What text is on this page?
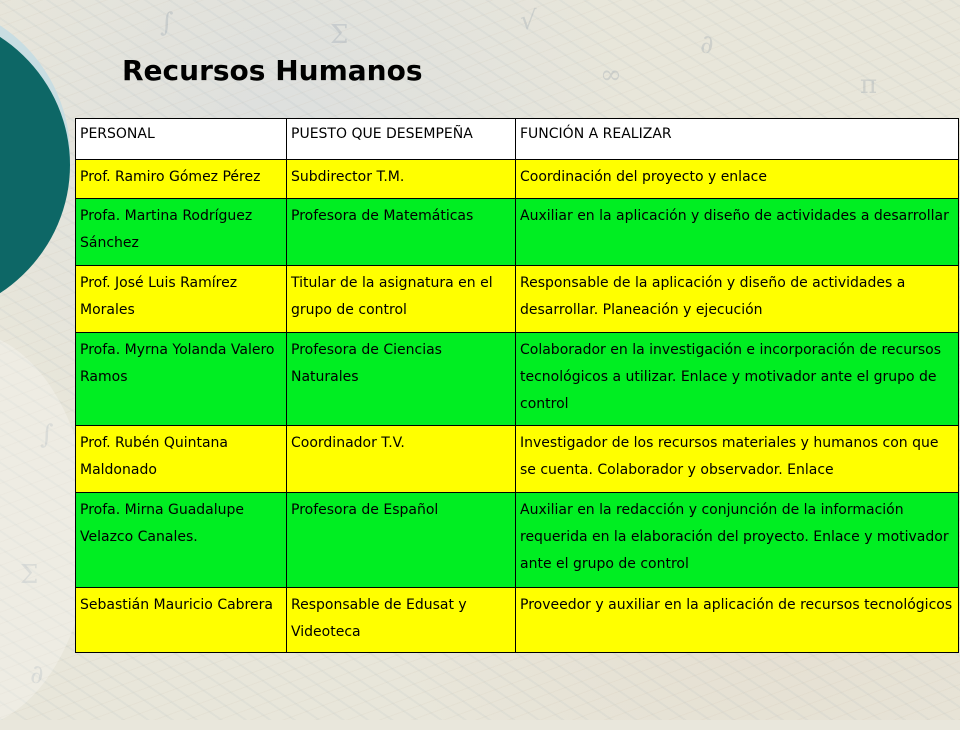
Recursos Humanos
PERSONAL	PUESTO QUE DESEMPEÑA	FUNCIÓN A REALIZAR
Prof. Ramiro Gómez Pérez	Subdirector T.M.	Coordinación del proyecto y enlace
Profa. Martina Rodríguez Sánchez	Profesora de Matemáticas	Auxiliar en la aplicación y diseño de actividades a desarrollar
Prof. José Luis Ramírez Morales	Titular de la asignatura en el grupo de control	Responsable de la aplicación y diseño de actividades a desarrollar. Planeación y ejecución
Profa. Myrna Yolanda Valero Ramos	Profesora de Ciencias Naturales	Colaborador en la investigación e incorporación de recursos tecnológicos a utilizar. Enlace y motivador ante el grupo de control
Prof. Rubén Quintana Maldonado	Coordinador T.V.	Investigador de los recursos materiales y humanos con que se cuenta. Colaborador y observador. Enlace
Profa. Mirna Guadalupe Velazco Canales.	Profesora de Español	Auxiliar en la redacción y conjunción de la información requerida en la elaboración del proyecto. Enlace y motivador ante el grupo de control
Sebastián Mauricio Cabrera	Responsable de Edusat y Videoteca	Proveedor y auxiliar en la aplicación de recursos tecnológicos
